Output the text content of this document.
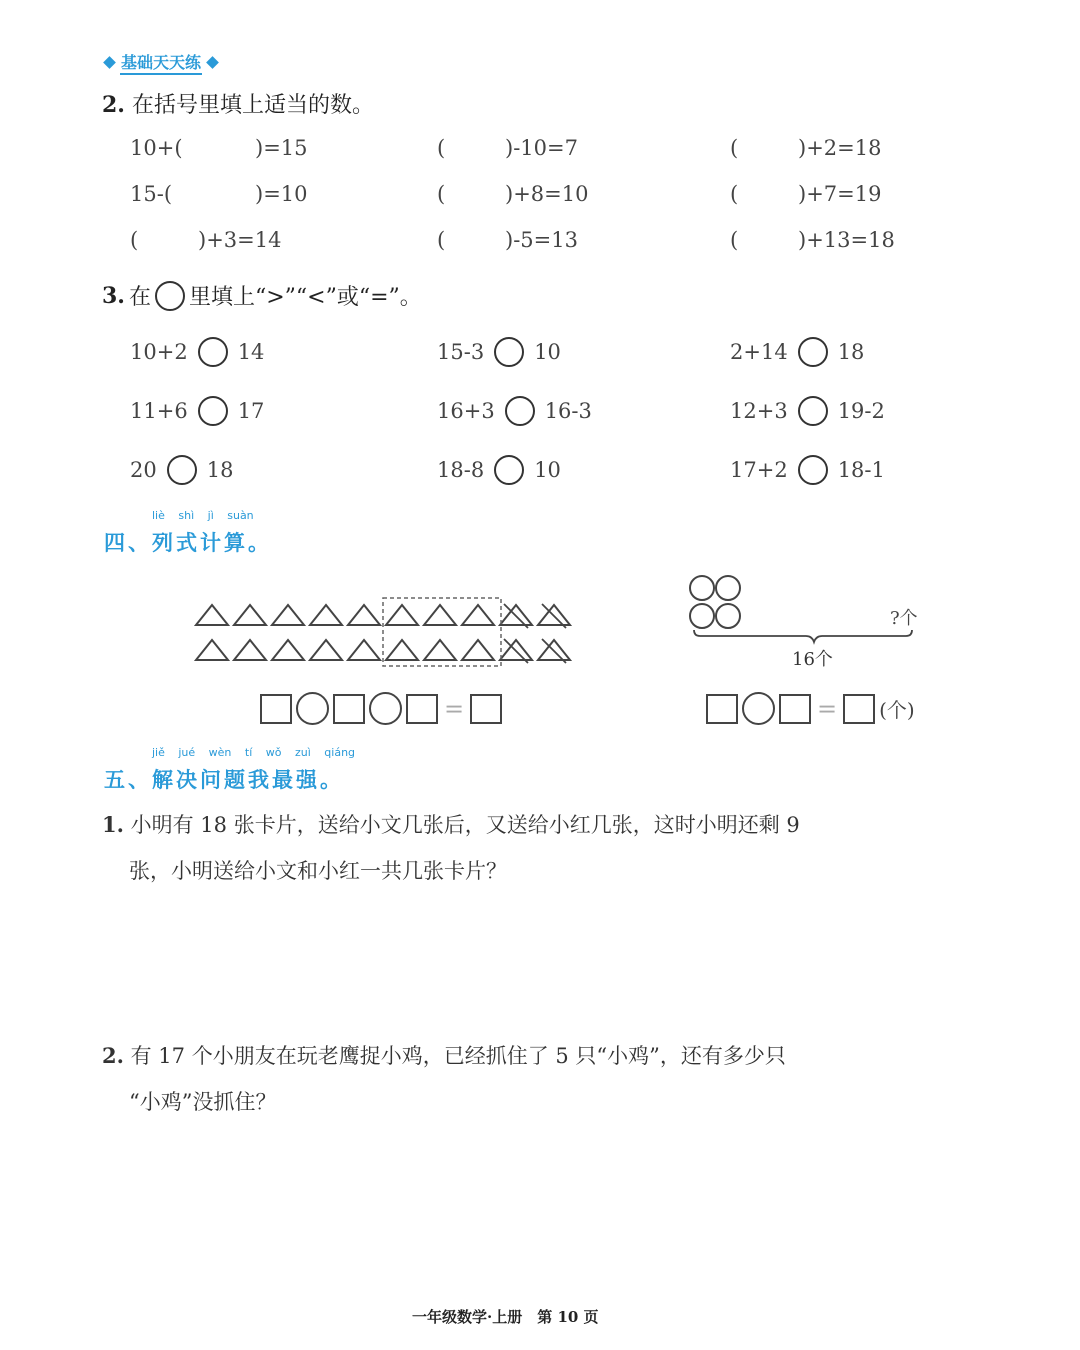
基础天天练
2. 在括号里填上适当的数。
10+(	)=15	(	)-10=7	(	)+2=18
15-(	)=10	(	)+8=10	(	)+7=19
(	)+3=14	(	)-5=13	(	)+13=18
3. 在 里填上“>”“<”或“=”。
10+2 14	15-3 10	2+14 18
11+6 17	16+3 16-3	12+3 19-2
20 18	18-8 10	17+2 18-1
liè shì jì suàn
四、列式计算。
?个
16个
=	= (个)
jiě jué wèn tí wǒ zuì qiáng
五、解决问题我最强。
1. 小明有 18 张卡片，送给小文几张后，又送给小红几张，这时小明还剩 9
张，小明送给小文和小红一共几张卡片？
2. 有 17 个小朋友在玩老鹰捉小鸡，已经抓住了 5 只“小鸡”，还有多少只
“小鸡”没抓住？
一年级数学·上册　第 10 页
